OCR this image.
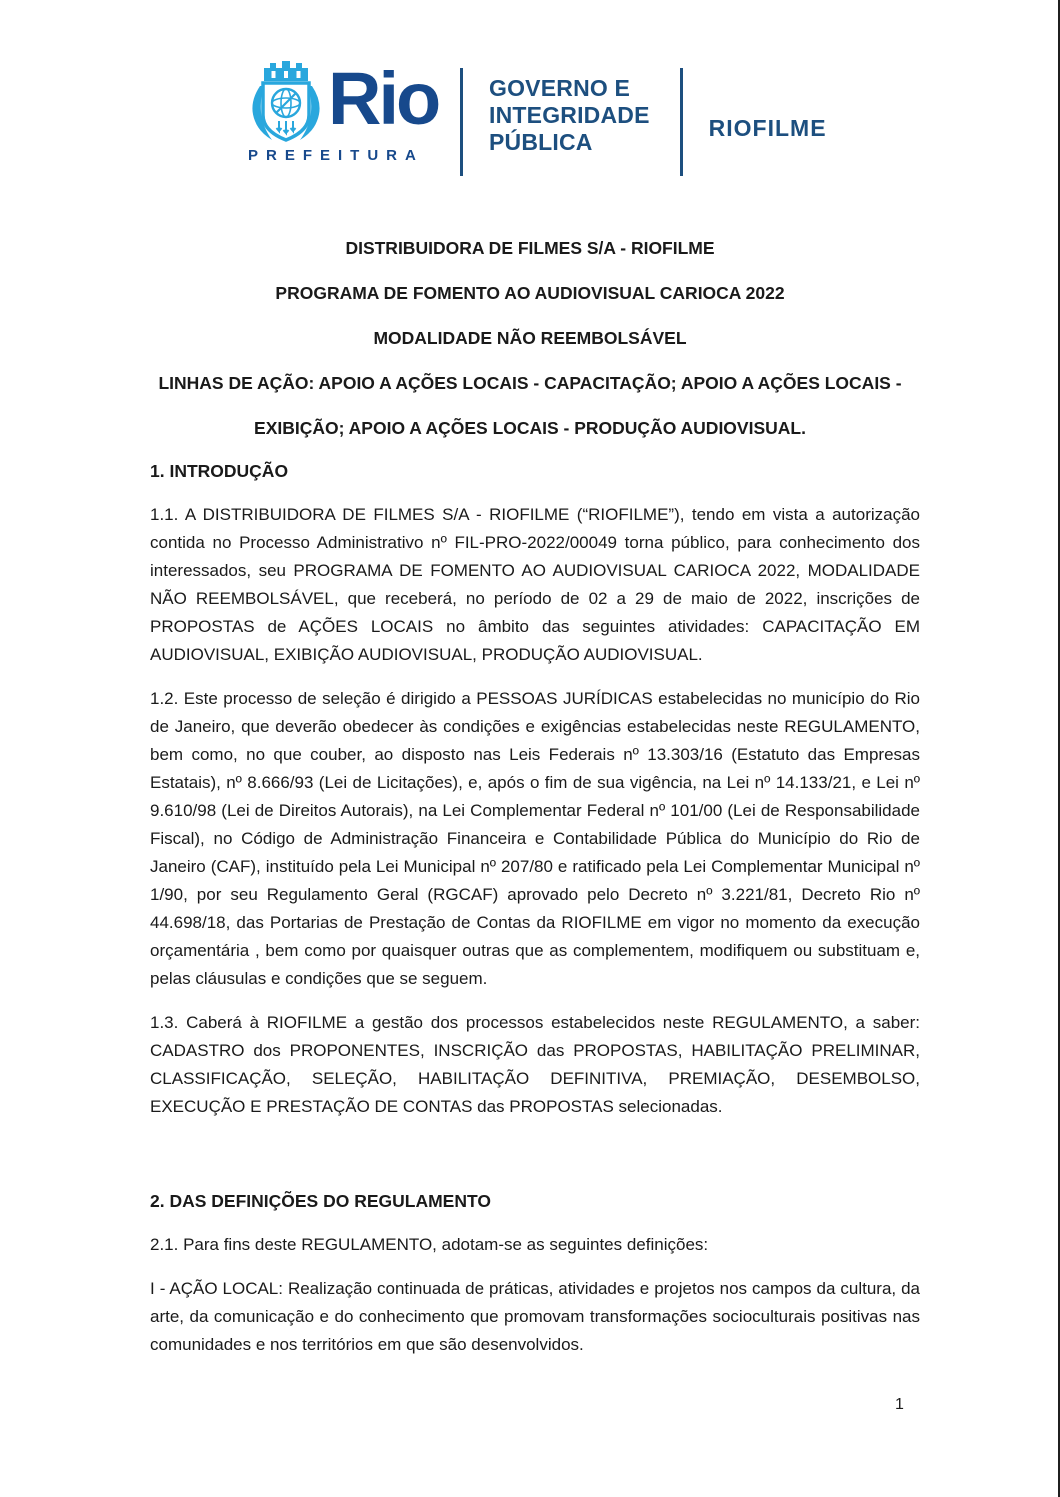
Rio
PREFEITURA
GOVERNO E
INTEGRIDADE
PÚBLICA
RIOFILME
DISTRIBUIDORA DE FILMES S/A - RIOFILME
PROGRAMA DE FOMENTO AO AUDIOVISUAL CARIOCA 2022
MODALIDADE NÃO REEMBOLSÁVEL
LINHAS DE AÇÃO: APOIO A AÇÕES LOCAIS - CAPACITAÇÃO; APOIO A AÇÕES LOCAIS -
EXIBIÇÃO; APOIO A AÇÕES LOCAIS - PRODUÇÃO AUDIOVISUAL.
1. INTRODUÇÃO

1.1. A DISTRIBUIDORA DE FILMES S/A - RIOFILME (“RIOFILME”), tendo em vista a autorização contida no Processo Administrativo nº FIL-PRO-2022/00049 torna público, para conhecimento dos interessados, seu PROGRAMA DE FOMENTO AO AUDIOVISUAL CARIOCA 2022, MODALIDADE NÃO REEMBOLSÁVEL, que receberá, no período de 02 a 29 de maio de 2022, inscrições de PROPOSTAS de AÇÕES LOCAIS no âmbito das seguintes atividades: CAPACITAÇÃO EM AUDIOVISUAL, EXIBIÇÃO AUDIOVISUAL, PRODUÇÃO AUDIOVISUAL.

1.2. Este processo de seleção é dirigido a PESSOAS JURÍDICAS estabelecidas no município do Rio de Janeiro, que deverão obedecer às condições e exigências estabelecidas neste REGULAMENTO, bem como, no que couber, ao disposto nas Leis Federais nº 13.303/16 (Estatuto das Empresas Estatais), nº 8.666/93 (Lei de Licitações), e, após o fim de sua vigência, na Lei nº 14.133/21, e Lei nº 9.610/98 (Lei de Direitos Autorais), na Lei Complementar Federal nº 101/00 (Lei de Responsabilidade Fiscal), no Código de Administração Financeira e Contabilidade Pública do Município do Rio de Janeiro (CAF), instituído pela Lei Municipal nº 207/80 e ratificado pela Lei Complementar Municipal nº 1/90, por seu Regulamento Geral (RGCAF) aprovado pelo Decreto nº 3.221/81, Decreto Rio nº 44.698/18, das Portarias de Prestação de Contas da RIOFILME em vigor no momento da execução orçamentária , bem como por quaisquer outras que as complementem, modifiquem ou substituam e, pelas cláusulas e condições que se seguem.

1.3. Caberá à RIOFILME a gestão dos processos estabelecidos neste REGULAMENTO, a saber: CADASTRO dos PROPONENTES, INSCRIÇÃO das PROPOSTAS, HABILITAÇÃO PRELIMINAR, CLASSIFICAÇÃO, SELEÇÃO, HABILITAÇÃO DEFINITIVA, PREMIAÇÃO, DESEMBOLSO, EXECUÇÃO E PRESTAÇÃO DE CONTAS das PROPOSTAS selecionadas.

2. DAS DEFINIÇÕES DO REGULAMENTO

2.1. Para fins deste REGULAMENTO, adotam-se as seguintes definições:

I - AÇÃO LOCAL: Realização continuada de práticas, atividades e projetos nos campos da cultura, da arte, da comunicação e do conhecimento que promovam transformações socioculturais positivas nas comunidades e nos territórios em que são desenvolvidos.

1
